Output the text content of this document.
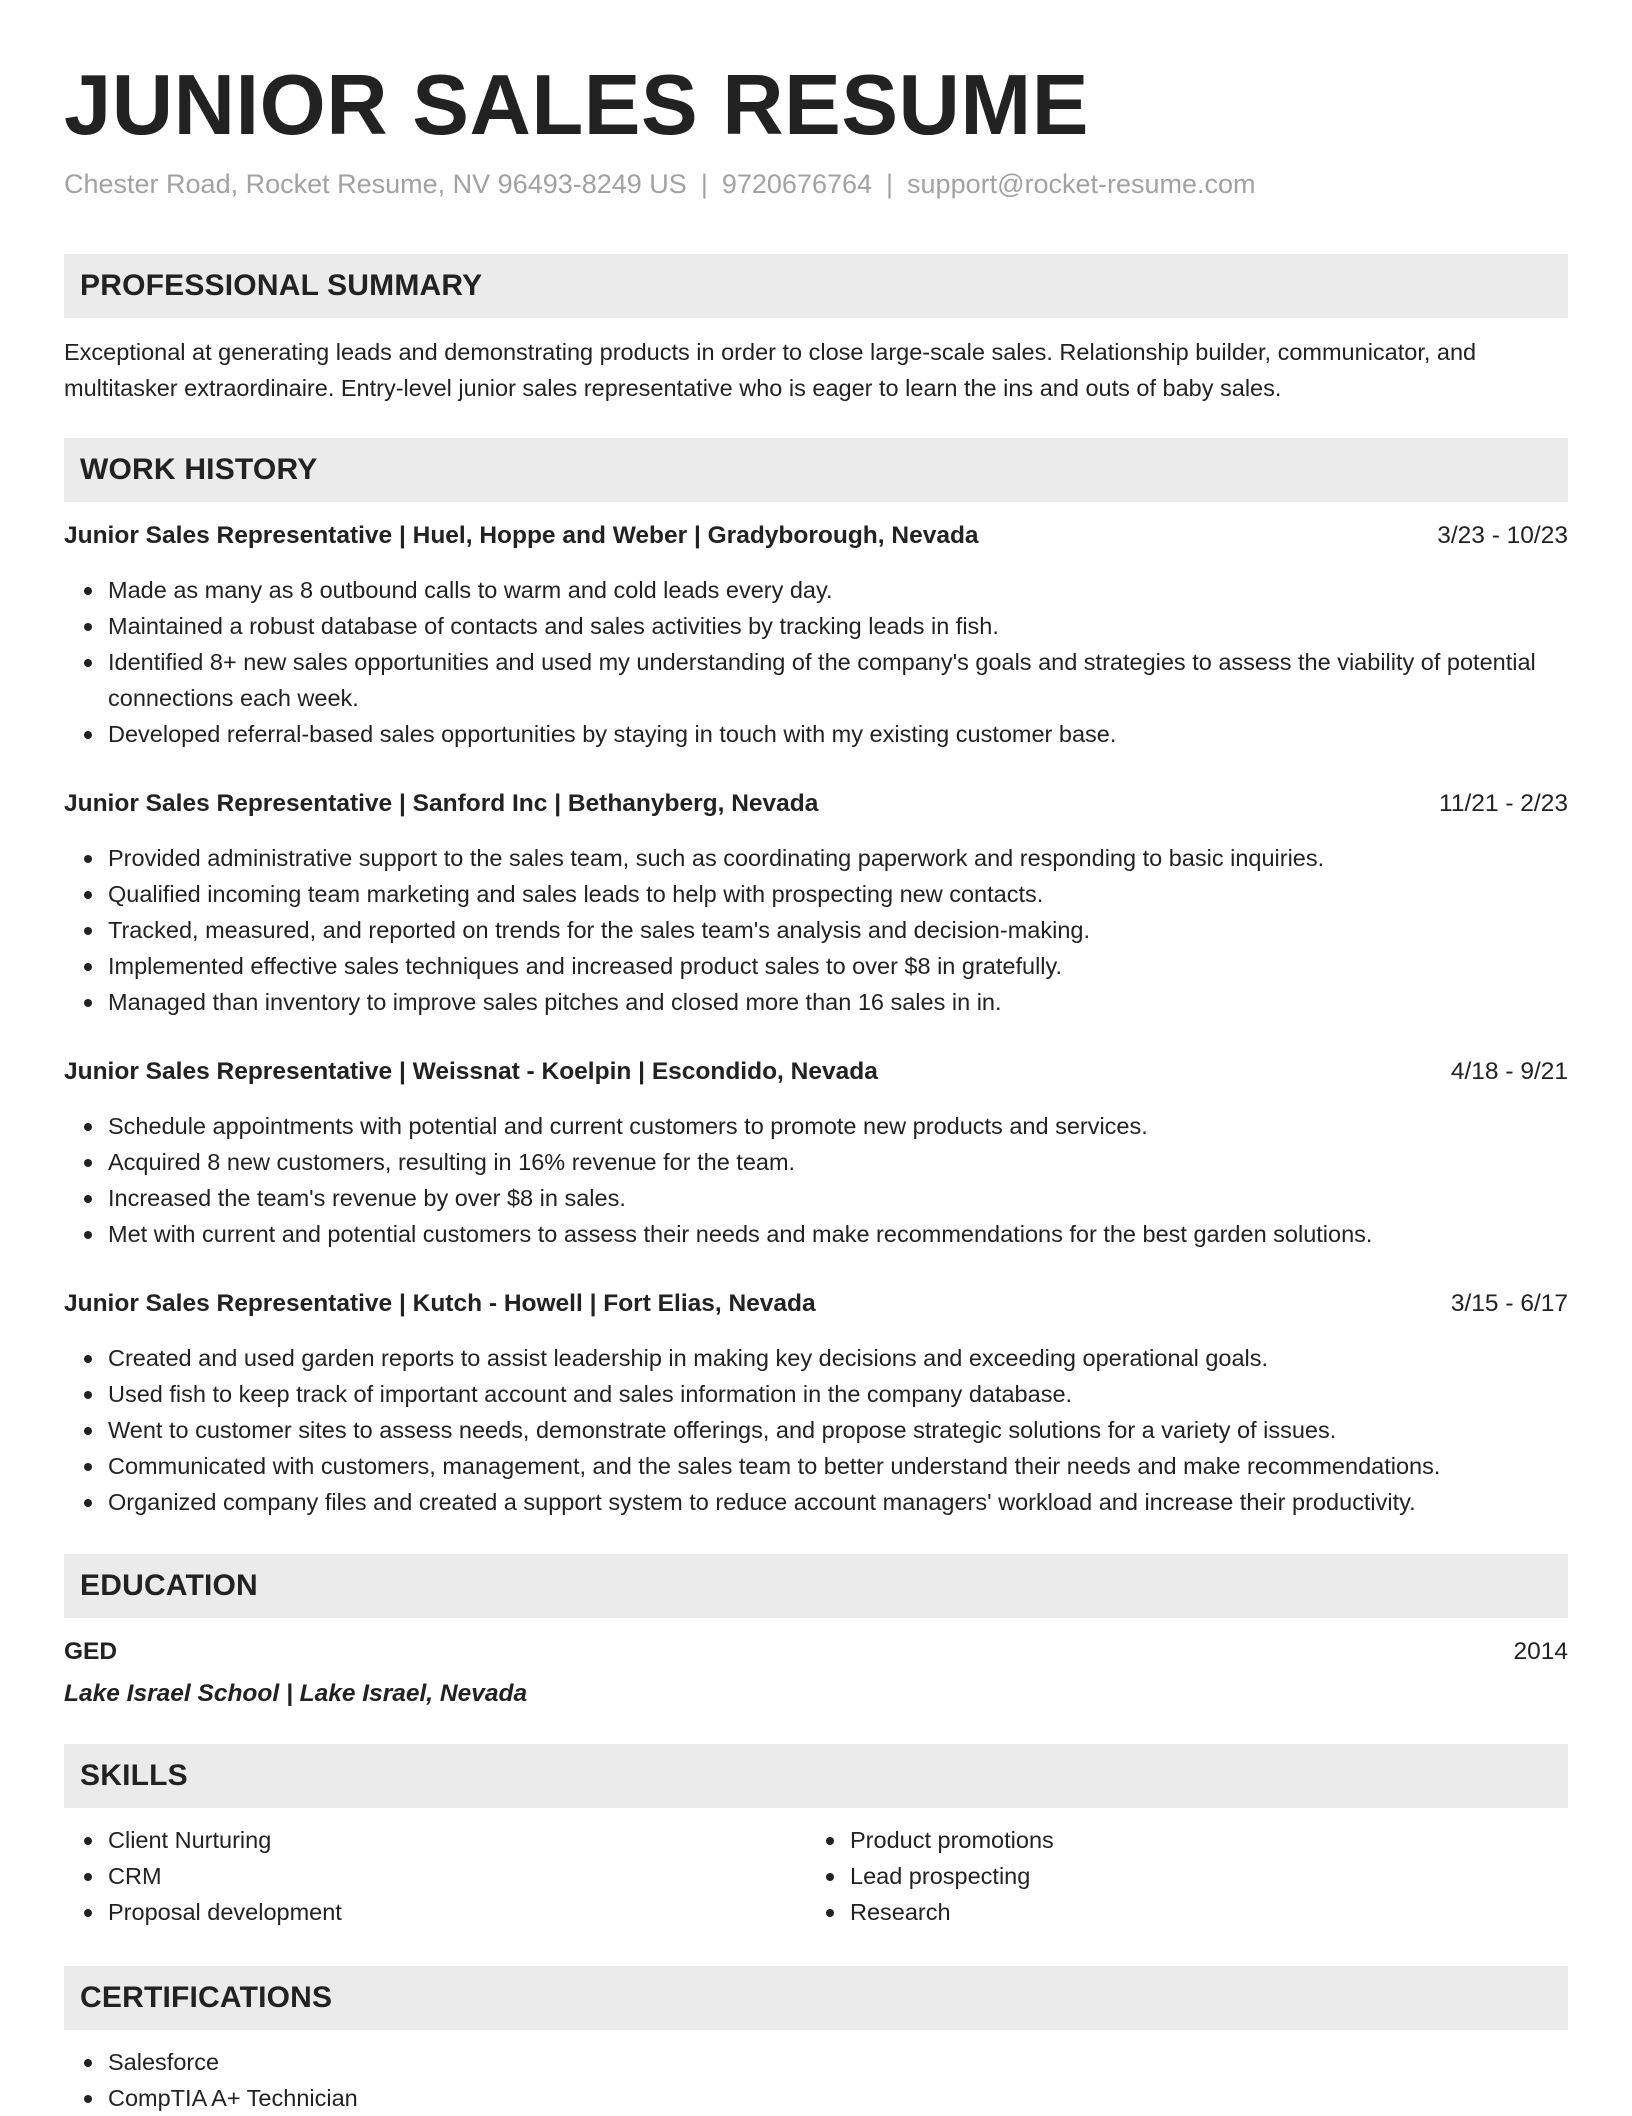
JUNIOR SALES RESUME
Chester Road, Rocket Resume, NV 96493-8249 US | 9720676764 | support@rocket-resume.com
PROFESSIONAL SUMMARY

Exceptional at generating leads and demonstrating products in order to close large-scale sales. Relationship builder, communicator, and multitasker extraordinaire. Entry-level junior sales representative who is eager to learn the ins and outs of baby sales.

WORK HISTORY
Junior Sales Representative | Huel, Hoppe and Weber | Gradyborough, Nevada	3/23 - 10/23
Made as many as 8 outbound calls to warm and cold leads every day.
Maintained a robust database of contacts and sales activities by tracking leads in fish.
Identified 8+ new sales opportunities and used my understanding of the company's goals and strategies to assess the viability of potential connections each week.
Developed referral-based sales opportunities by staying in touch with my existing customer base.
Junior Sales Representative | Sanford Inc | Bethanyberg, Nevada	11/21 - 2/23
Provided administrative support to the sales team, such as coordinating paperwork and responding to basic inquiries.
Qualified incoming team marketing and sales leads to help with prospecting new contacts.
Tracked, measured, and reported on trends for the sales team's analysis and decision-making.
Implemented effective sales techniques and increased product sales to over $8 in gratefully.
Managed than inventory to improve sales pitches and closed more than 16 sales in in.
Junior Sales Representative | Weissnat - Koelpin | Escondido, Nevada	4/18 - 9/21
Schedule appointments with potential and current customers to promote new products and services.
Acquired 8 new customers, resulting in 16% revenue for the team.
Increased the team's revenue by over $8 in sales.
Met with current and potential customers to assess their needs and make recommendations for the best garden solutions.
Junior Sales Representative | Kutch - Howell | Fort Elias, Nevada	3/15 - 6/17
Created and used garden reports to assist leadership in making key decisions and exceeding operational goals.
Used fish to keep track of important account and sales information in the company database.
Went to customer sites to assess needs, demonstrate offerings, and propose strategic solutions for a variety of issues.
Communicated with customers, management, and the sales team to better understand their needs and make recommendations.
Organized company files and created a support system to reduce account managers' workload and increase their productivity.
EDUCATION
GED	2014
Lake Israel School | Lake Israel, Nevada
SKILLS
Client Nurturing
CRM
Proposal development
Product promotions
Lead prospecting
Research
CERTIFICATIONS
Salesforce
CompTIA A+ Technician
